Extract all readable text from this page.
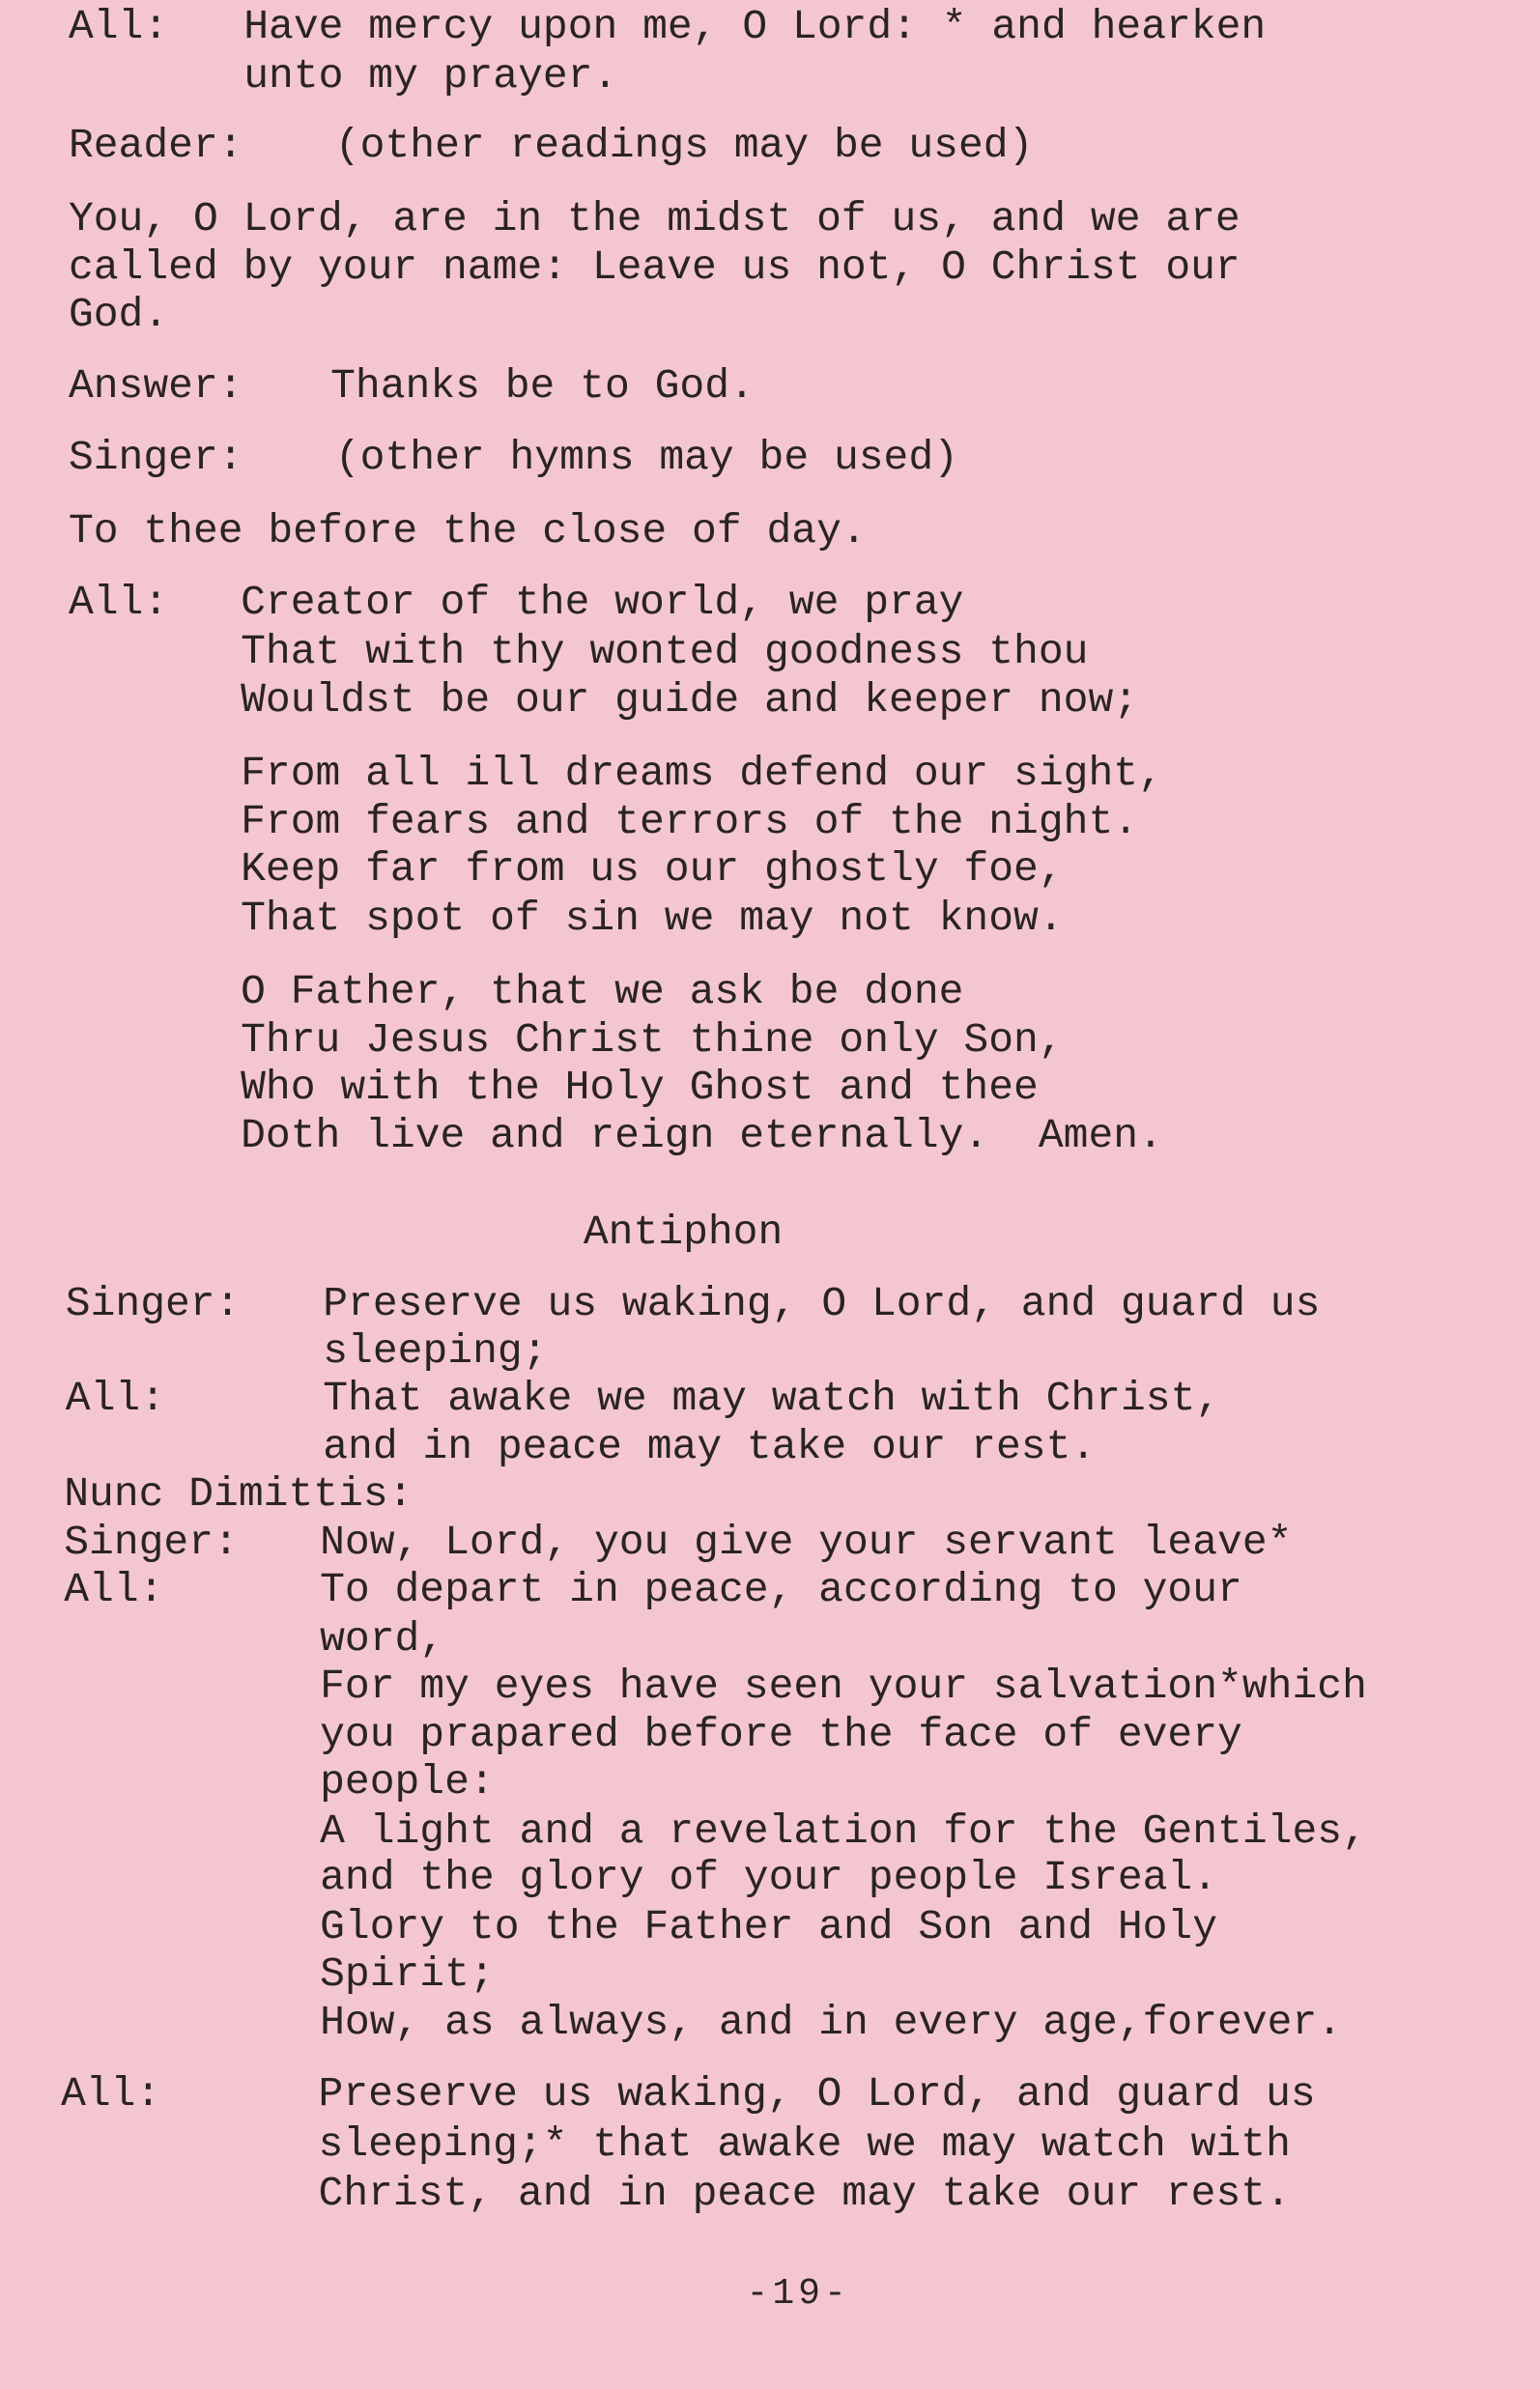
All: Have mercy upon me, O Lord: * and hearken
unto my prayer.
Reader: (other readings may be used)
You, O Lord, are in the midst of us, and we are
called by your name: Leave us not, O Christ our
God.
Answer: Thanks be to God.
Singer: (other hymns may be used)
To thee before the close of day.
All: Creator of the world, we pray
That with thy wonted goodness thou
Wouldst be our guide and keeper now;
From all ill dreams defend our sight,
From fears and terrors of the night.
Keep far from us our ghostly foe,
That spot of sin we may not know.
O Father, that we ask be done
Thru Jesus Christ thine only Son,
Who with the Holy Ghost and thee
Doth live and reign eternally.  Amen.
Antiphon
Singer: Preserve us waking, O Lord, and guard us
sleeping;
All:	That awake we may watch with Christ,
and in peace may take our rest.
Nunc Dimittis:
Singer: Now, Lord, you give your servant leave*
All:	To depart in peace, according to your
word,
For my eyes have seen your salvation*which
you prapared before the face of every
people:
A light and a revelation for the Gentiles,
and the glory of your people Isreal.
Glory to the Father and Son and Holy
Spirit;
How, as always, and in every age,forever.
All:	Preserve us waking, O Lord, and guard us
sleeping;* that awake we may watch with
Christ, and in peace may take our rest.
-19-
